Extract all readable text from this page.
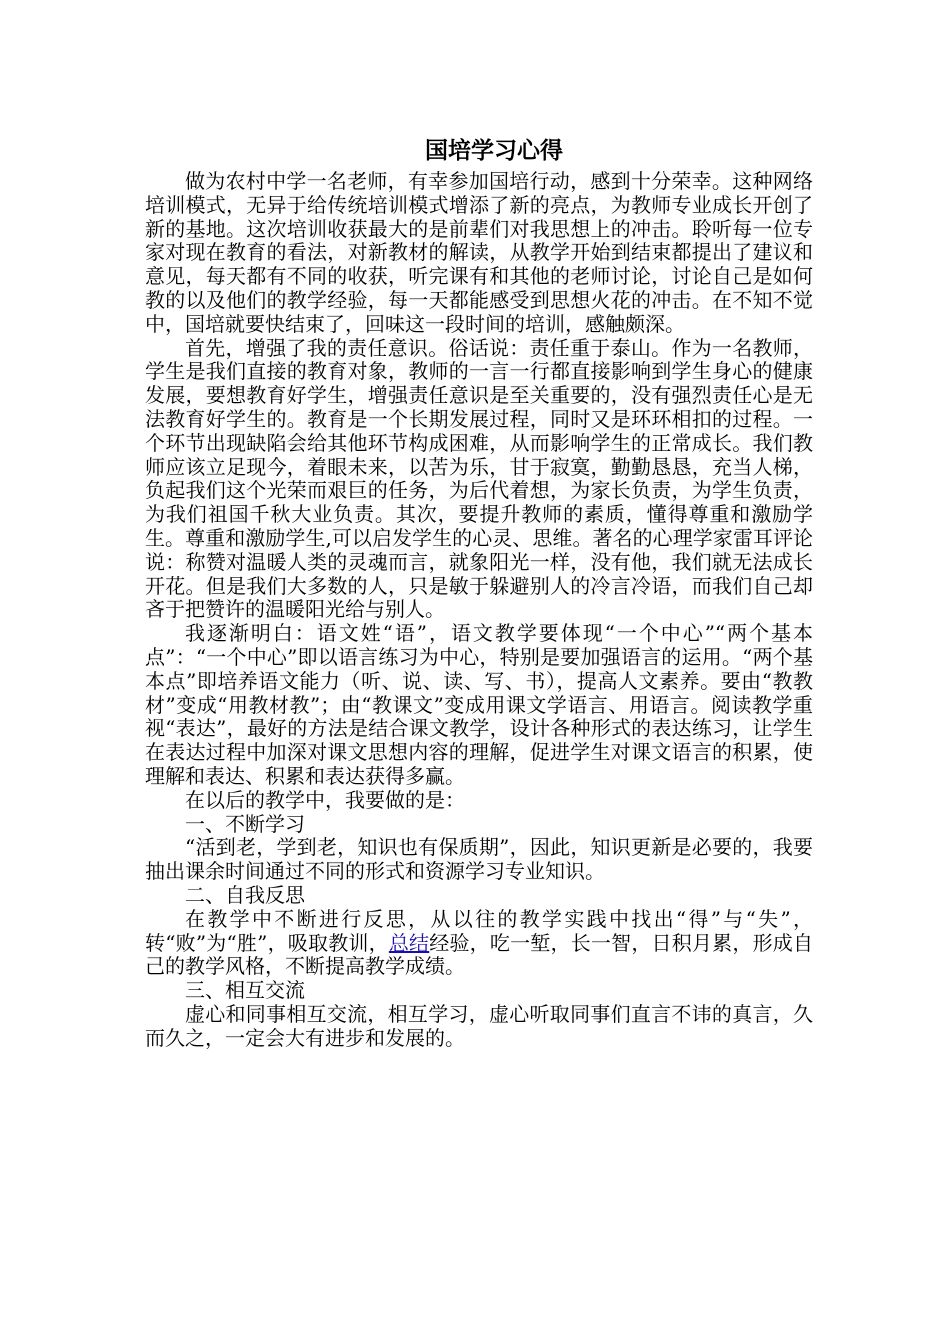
国培学习心得

做为农村中学一名老师，有幸参加国培行动，感到十分荣幸。这种网络培训模式，无异于给传统培训模式增添了新的亮点，为教师专业成长开创了新的基地。这次培训收获最大的是前辈们对我思想上的冲击。聆听每一位专家对现在教育的看法，对新教材的解读，从教学开始到结束都提出了建议和意见，每天都有不同的收获，听完课有和其他的老师讨论，讨论自己是如何教的以及他们的教学经验，每一天都能感受到思想火花的冲击。在不知不觉中，国培就要快结束了，回味这一段时间的培训，感触颇深。

首先，增强了我的责任意识。俗话说：责任重于泰山。作为一名教师，学生是我们直接的教育对象，教师的一言一行都直接影响到学生身心的健康发展，要想教育好学生，增强责任意识是至关重要的，没有强烈责任心是无法教育好学生的。教育是一个长期发展过程，同时又是环环相扣的过程。一个环节出现缺陷会给其他环节构成困难，从而影响学生的正常成长。我们教师应该立足现今，着眼未来，以苦为乐，甘于寂寞，勤勤恳恳，充当人梯，负起我们这个光荣而艰巨的任务，为后代着想，为家长负责，为学生负责，为我们祖国千秋大业负责。其次，要提升教师的素质，懂得尊重和激励学生。尊重和激励学生,可以启发学生的心灵、思维。著名的心理学家雷耳评论说：称赞对温暖人类的灵魂而言，就象阳光一样，没有他，我们就无法成长开花。但是我们大多数的人，只是敏于躲避别人的冷言冷语，而我们自己却吝于把赞许的温暖阳光给与别人。

我逐渐明白：语文姓“语”，语文教学要体现“一个中心”“两个基本点”：“一个中心”即以语言练习为中心，特别是要加强语言的运用。“两个基本点”即培养语文能力（听、说、读、写、书），提高人文素养。要由“教教材”变成“用教材教”；由“教课文”变成用课文学语言、用语言。阅读教学重视“表达”，最好的方法是结合课文教学，设计各种形式的表达练习，让学生在表达过程中加深对课文思想内容的理解，促进学生对课文语言的积累，使理解和表达、积累和表达获得多赢。

在以后的教学中，我要做的是：

一、不断学习

“活到老，学到老，知识也有保质期”，因此，知识更新是必要的，我要抽出课余时间通过不同的形式和资源学习专业知识。

二、自我反思

在教学中不断进行反思，从以往的教学实践中找出“得”与“失”，转“败”为“胜”，吸取教训，总结经验，吃一堑，长一智，日积月累，形成自己的教学风格，不断提高教学成绩。

三、相互交流

虚心和同事相互交流，相互学习，虚心听取同事们直言不讳的真言，久而久之，一定会大有进步和发展的。
